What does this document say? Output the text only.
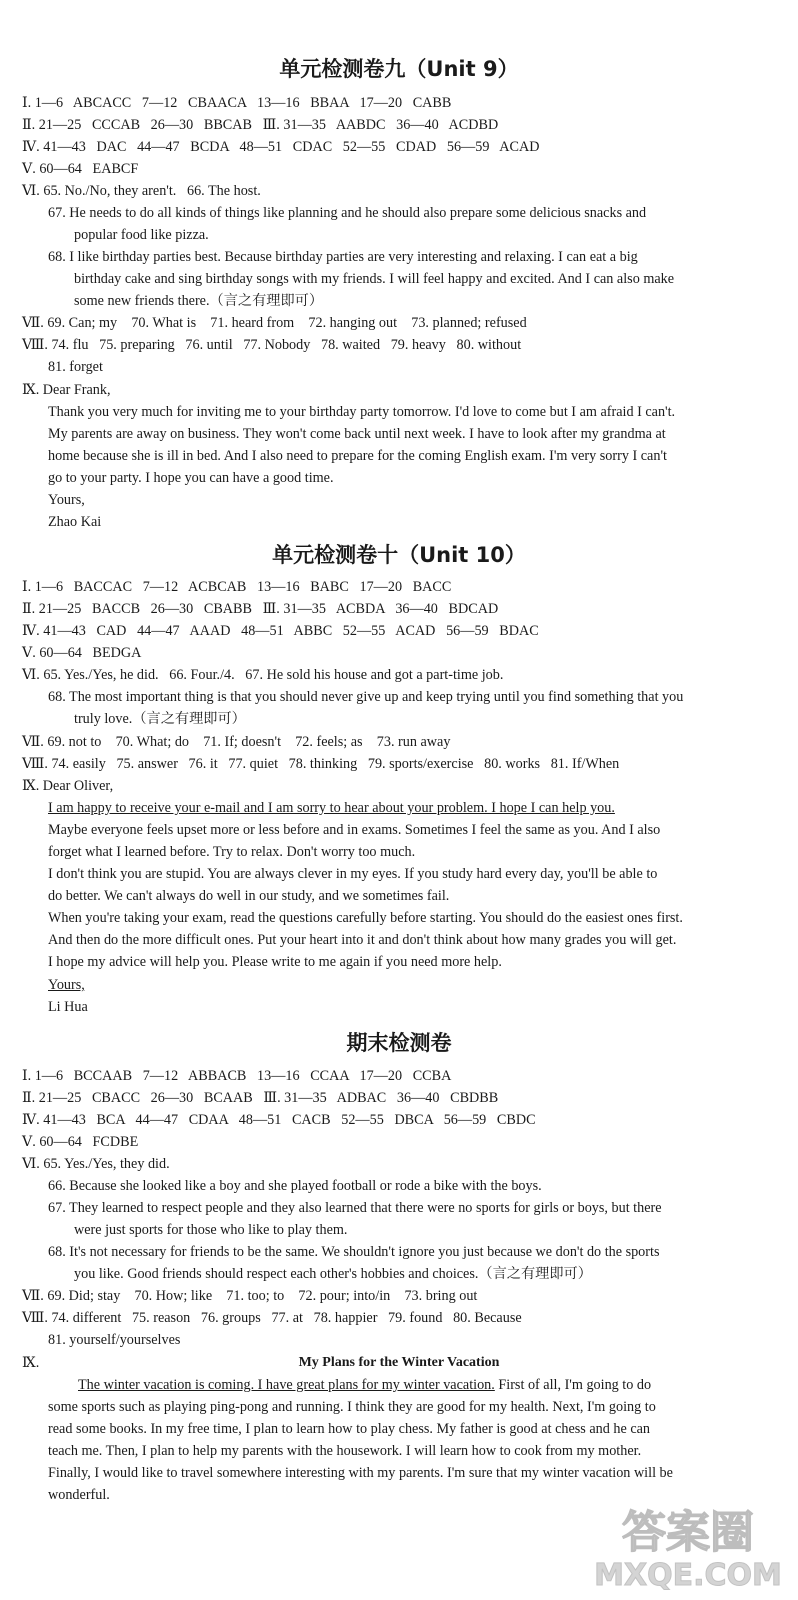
单元检测卷九（Unit 9）
Ⅰ. 1—6   ABCACC   7—12   CBAACA   13—16   BBAA   17—20   CABB
Ⅱ. 21—25   CCCAB   26—30   BBCAB   Ⅲ. 31—35   AABDC   36—40   ACDBD
Ⅳ. 41—43   DAC   44—47   BCDA   48—51   CDAC   52—55   CDAD   56—59   ACAD
Ⅴ. 60—64   EABCF
Ⅵ. 65. No./No, they aren't.   66. The host.
67. He needs to do all kinds of things like planning and he should also prepare some delicious snacks and
popular food like pizza.
68. I like birthday parties best. Because birthday parties are very interesting and relaxing. I can eat a big
birthday cake and sing birthday songs with my friends. I will feel happy and excited. And I can also make
some new friends there.（言之有理即可）
Ⅶ. 69. Can; my    70. What is    71. heard from    72. hanging out    73. planned; refused
Ⅷ. 74. flu   75. preparing   76. until   77. Nobody   78. waited   79. heavy   80. without
81. forget
Ⅸ. Dear Frank,
Thank you very much for inviting me to your birthday party tomorrow. I'd love to come but I am afraid I can't.
My parents are away on business. They won't come back until next week. I have to look after my grandma at
home because she is ill in bed. And I also need to prepare for the coming English exam. I'm very sorry I can't
go to your party. I hope you can have a good time.
Yours,
Zhao Kai
单元检测卷十（Unit 10）
Ⅰ. 1—6   BACCAC   7—12   ACBCAB   13—16   BABC   17—20   BACC
Ⅱ. 21—25   BACCB   26—30   CBABB   Ⅲ. 31—35   ACBDA   36—40   BDCAD
Ⅳ. 41—43   CAD   44—47   AAAD   48—51   ABBC   52—55   ACAD   56—59   BDAC
Ⅴ. 60—64   BEDGA
Ⅵ. 65. Yes./Yes, he did.   66. Four./4.   67. He sold his house and got a part-time job.
68. The most important thing is that you should never give up and keep trying until you find something that you
truly love.（言之有理即可）
Ⅶ. 69. not to    70. What; do    71. If; doesn't    72. feels; as    73. run away
Ⅷ. 74. easily   75. answer   76. it   77. quiet   78. thinking   79. sports/exercise   80. works   81. If/When
Ⅸ. Dear Oliver,
I am happy to receive your e-mail and I am sorry to hear about your problem. I hope I can help you.
Maybe everyone feels upset more or less before and in exams. Sometimes I feel the same as you. And I also
forget what I learned before. Try to relax. Don't worry too much.
I don't think you are stupid. You are always clever in my eyes. If you study hard every day, you'll be able to
do better. We can't always do well in our study, and we sometimes fail.
When you're taking your exam, read the questions carefully before starting. You should do the easiest ones first.
And then do the more difficult ones. Put your heart into it and don't think about how many grades you will get.
I hope my advice will help you. Please write to me again if you need more help.
Yours,
Li Hua
期末检测卷
Ⅰ. 1—6   BCCAAB   7—12   ABBACB   13—16   CCAA   17—20   CCBA
Ⅱ. 21—25   CBACC   26—30   BCAAB   Ⅲ. 31—35   ADBAC   36—40   CBDBB
Ⅳ. 41—43   BCA   44—47   CDAA   48—51   CACB   52—55   DBCA   56—59   CBDC
Ⅴ. 60—64   FCDBE
Ⅵ. 65. Yes./Yes, they did.
66. Because she looked like a boy and she played football or rode a bike with the boys.
67. They learned to respect people and they also learned that there were no sports for girls or boys, but there
were just sports for those who like to play them.
68. It's not necessary for friends to be the same. We shouldn't ignore you just because we don't do the sports
you like. Good friends should respect each other's hobbies and choices.（言之有理即可）
Ⅶ. 69. Did; stay    70. How; like    71. too; to    72. pour; into/in    73. bring out
Ⅷ. 74. different   75. reason   76. groups   77. at   78. happier   79. found   80. Because
81. yourself/yourselves
Ⅸ.	My Plans for the Winter Vacation
The winter vacation is coming. I have great plans for my winter vacation. First of all, I'm going to do
some sports such as playing ping-pong and running. I think they are good for my health. Next, I'm going to
read some books. In my free time, I plan to learn how to play chess. My father is good at chess and he can
teach me. Then, I plan to help my parents with the housework. I will learn how to cook from my mother.
Finally, I would like to travel somewhere interesting with my parents. I'm sure that my winter vacation will be
wonderful.
答案圈
MXQE.COM
